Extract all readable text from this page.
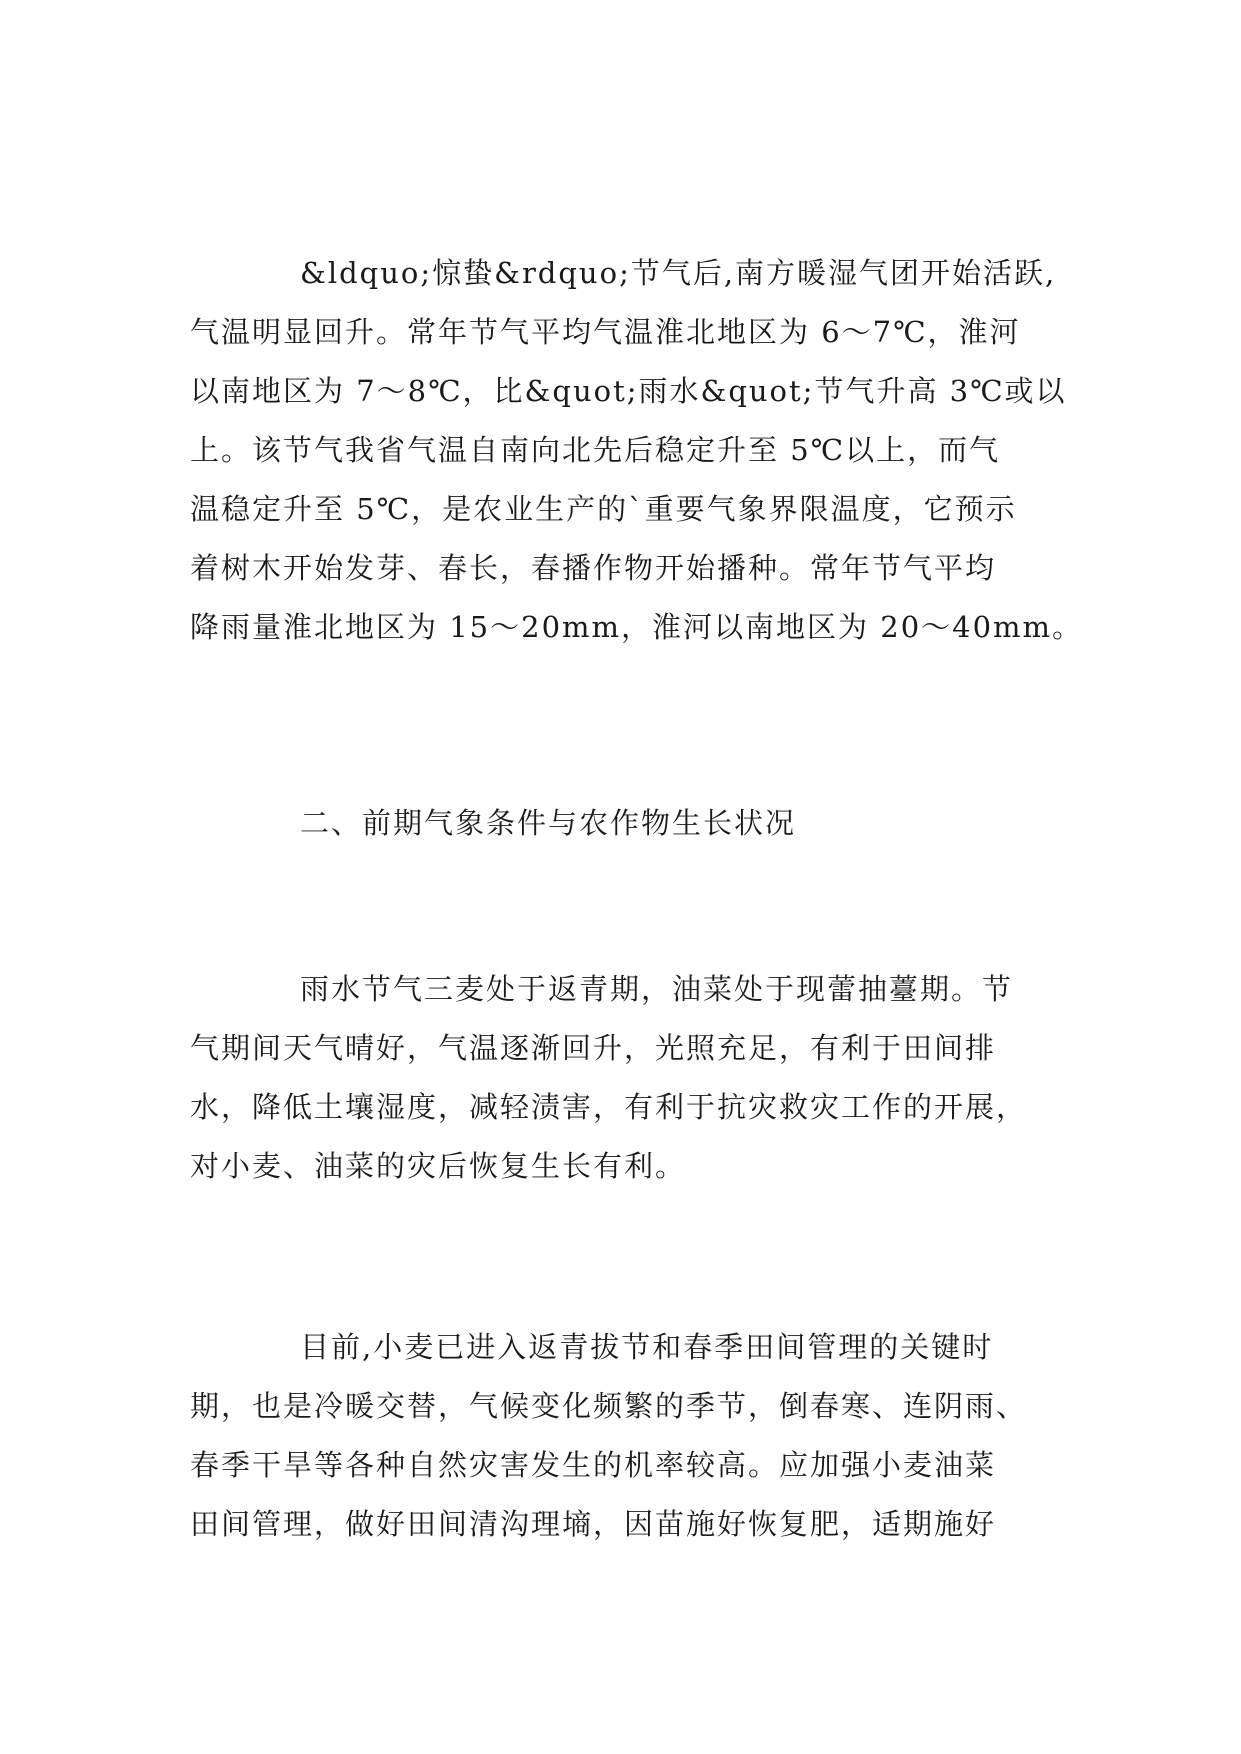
&ldquo;惊蛰&rdquo;节气后,南方暖湿气团开始活跃,
气温明显回升。常年节气平均气温淮北地区为 6～7℃，淮河
以南地区为 7～8℃，比&quot;雨水&quot;节气升高 3℃或以
上。该节气我省气温自南向北先后稳定升至 5℃以上，而气
温稳定升至 5℃，是农业生产的`重要气象界限温度，它预示
着树木开始发芽、春长，春播作物开始播种。常年节气平均
降雨量淮北地区为 15～20mm，淮河以南地区为 20～40mm。

二、前期气象条件与农作物生长状况

雨水节气三麦处于返青期，油菜处于现蕾抽薹期。节
气期间天气晴好，气温逐渐回升，光照充足，有利于田间排
水，降低土壤湿度，减轻渍害，有利于抗灾救灾工作的开展，
对小麦、油菜的灾后恢复生长有利。

目前,小麦已进入返青拔节和春季田间管理的关键时
期，也是冷暖交替，气候变化频繁的季节，倒春寒、连阴雨、
春季干旱等各种自然灾害发生的机率较高。应加强小麦油菜
田间管理，做好田间清沟理墒，因苗施好恢复肥，适期施好
